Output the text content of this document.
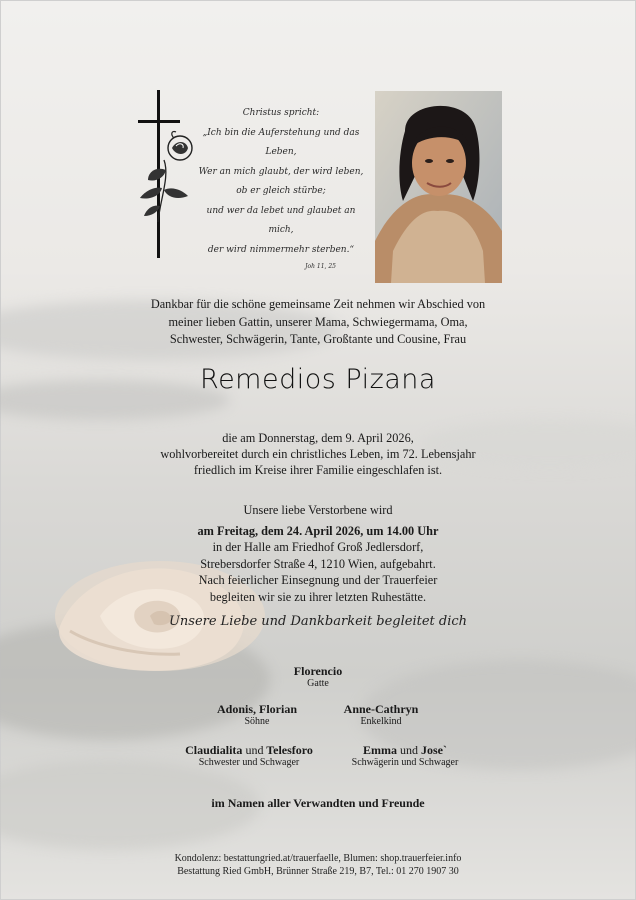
Christus spricht:
„Ich bin die Auferstehung und das Leben,
Wer an mich glaubt, der wird leben,
ob er gleich stürbe;
und wer da lebet und glaubet an mich,
der wird nimmermehr sterben.“
Joh 11, 25
Dankbar für die schöne gemeinsame Zeit nehmen wir Abschied von
meiner lieben Gattin, unserer Mama, Schwiegermama, Oma,
Schwester, Schwägerin, Tante, Großtante und Cousine, Frau
Remedios Pizana
die am Donnerstag, dem 9. April 2026,
wohlvorbereitet durch ein christliches Leben, im 72. Lebensjahr
friedlich im Kreise ihrer Familie eingeschlafen ist.
Unsere liebe Verstorbene wird
am Freitag, dem 24. April 2026, um 14.00 Uhr
in der Halle am Friedhof Groß Jedlersdorf,
Strebersdorfer Straße 4, 1210 Wien, aufgebahrt.
Nach feierlicher Einsegnung und der Trauerfeier
begleiten wir sie zu ihrer letzten Ruhestätte.
Unsere Liebe und Dankbarkeit begleitet dich
Florencio
Gatte
Adonis, Florian
Söhne
Anne-Cathryn
Enkelkind
Claudialita und Telesforo
Schwester und Schwager
Emma und Jose`
Schwägerin und Schwager
im Namen aller Verwandten und Freunde
Kondolenz: bestattungried.at/trauerfaelle, Blumen: shop.trauerfeier.info
Bestattung Ried GmbH, Brünner Straße 219, B7, Tel.: 01 270 1907 30
